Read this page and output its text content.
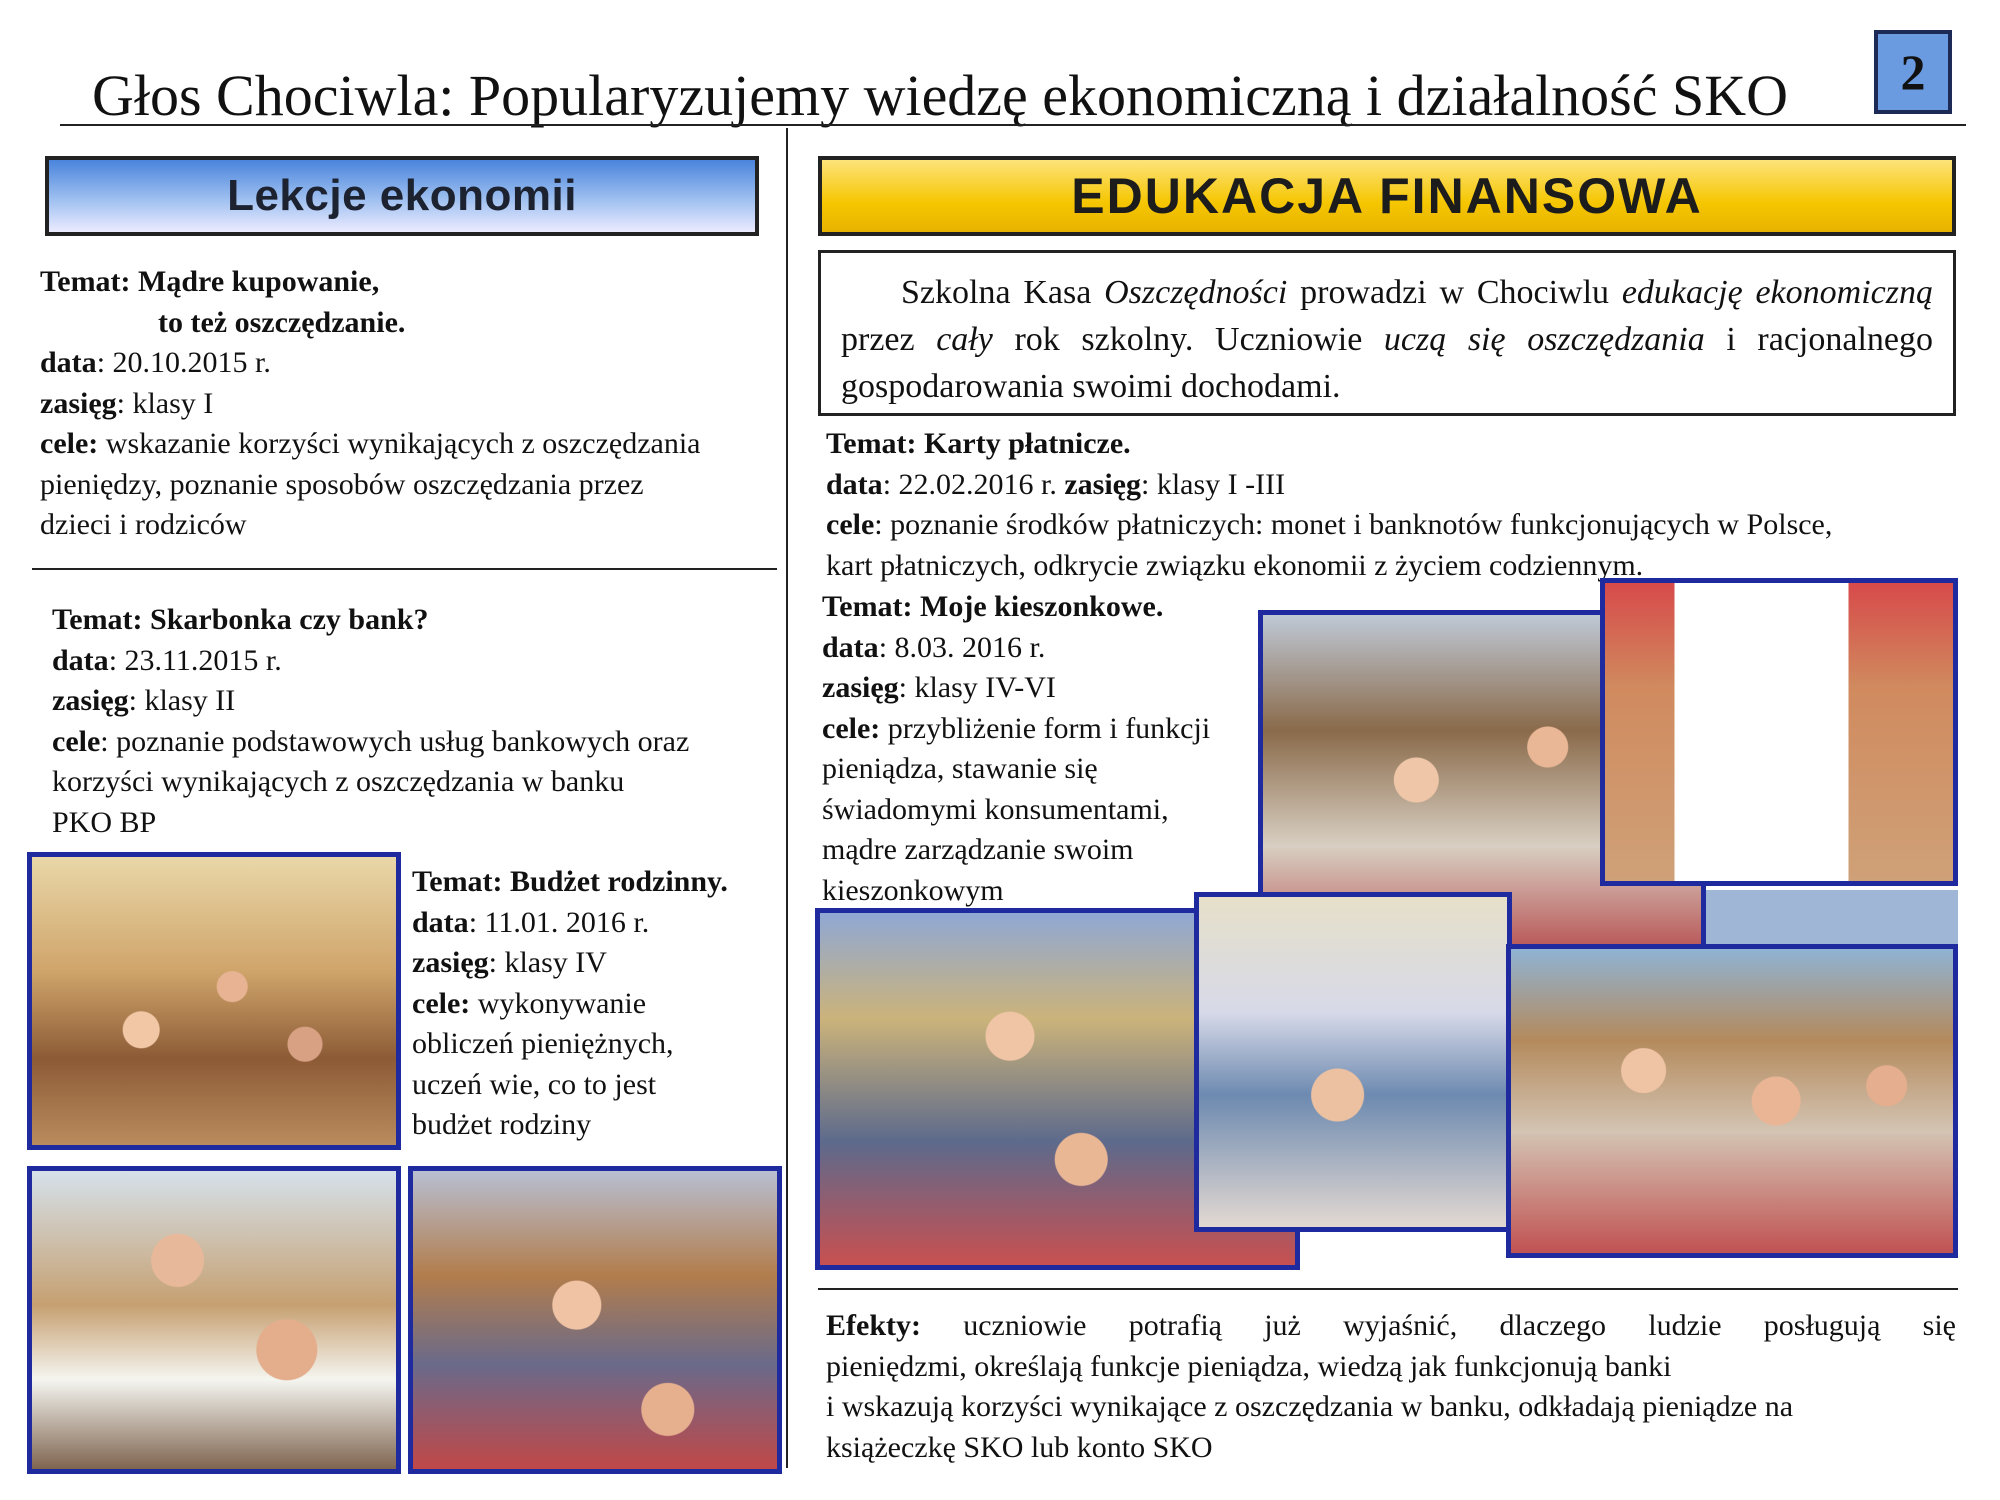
Głos Chociwla: Popularyzujemy wiedzę ekonomiczną i działalność SKO	2
Lekcje ekonomii
Temat: Mądre kupowanie,
to też oszczędzanie.
data: 20.10.2015 r.
zasięg: klasy I
cele: wskazanie korzyści wynikających z oszczędzania
pieniędzy, poznanie sposobów oszczędzania przez
dzieci i rodziców
Temat: Skarbonka czy bank?
data: 23.11.2015 r.
zasięg: klasy II
cele: poznanie podstawowych usług bankowych oraz
korzyści wynikających z oszczędzania w banku
PKO BP
Temat: Budżet rodzinny.
data: 11.01. 2016 r.
zasięg: klasy IV
cele: wykonywanie
obliczeń pieniężnych,
uczeń wie, co to jest
budżet rodziny
EDUKACJA FINANSOWA
Szkolna Kasa Oszczędności prowadzi w Chociwlu edukację ekonomiczną przez cały rok szkolny. Uczniowie uczą się oszczędzania i racjonalnego gospodarowania swoimi dochodami.
Temat: Karty płatnicze.
data: 22.02.2016 r. zasięg: klasy I -III
cele: poznanie środków płatniczych: monet i banknotów funkcjonujących w Polsce,
kart płatniczych, odkrycie związku ekonomii z życiem codziennym.
Temat: Moje kieszonkowe.
data: 8.03. 2016 r.
zasięg: klasy IV-VI
cele: przybliżenie form i funkcji
pieniądza, stawanie się
świadomymi konsumentami,
mądre zarządzanie swoim
kieszonkowym
Efekty: uczniowie potrafią już wyjaśnić, dlaczego ludzie posługują się
pieniędzmi, określają funkcje pieniądza, wiedzą jak funkcjonują banki
i wskazują korzyści wynikające z oszczędzania w banku, odkładają pieniądze na
książeczkę SKO lub konto SKO
